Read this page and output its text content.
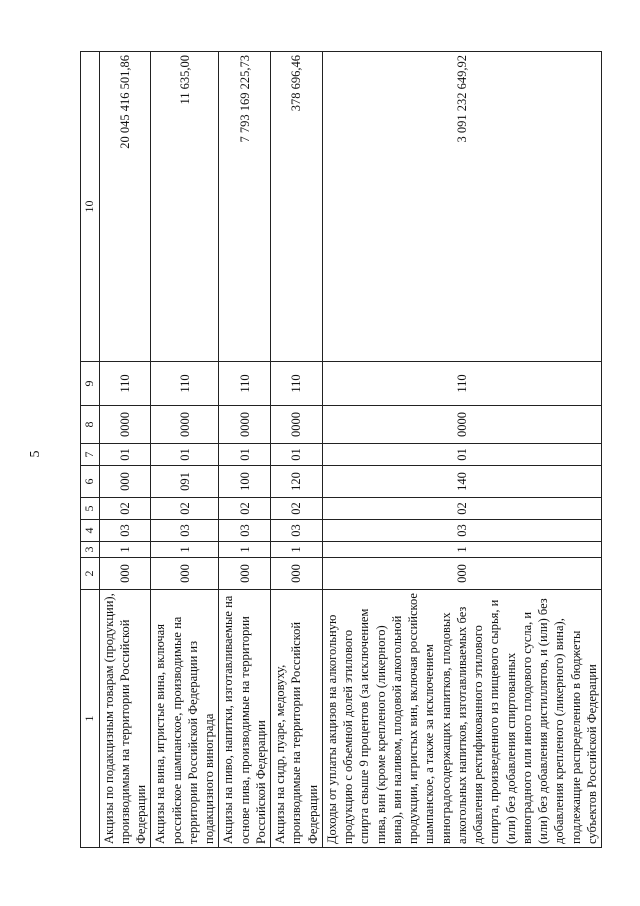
5
1	2	3	4	5	6	7	8	9	10
Акцизы по подакцизным товарам (продукции), производимым на территории Российской Федерации	000	1	03	02	000	01	0000	110	20 045 416 501,86
Акцизы на вина, игристые вина, включая российское шампанское, производимые на территории Российской Федерации из подакцизного винограда	000	1	03	02	091	01	0000	110	11 635,00
Акцизы на пиво, напитки, изготавливаемые на основе пива, производимые на территории Российской Федерации	000	1	03	02	100	01	0000	110	7 793 169 225,73
Акцизы на сидр, пуаре, медовуху, производимые на территории Российской Федерации	000	1	03	02	120	01	0000	110	378 696,46
Доходы от уплаты акцизов на алкогольную продукцию с объемной долей этилового спирта свыше 9 процентов (за исключением пива, вин (кроме крепленого (ликерного) вина), вин наливом, плодовой алкогольной продукции, игристых вин, включая российское шампанское, а также за исключением виноградосодержащих напитков, плодовых алкогольных напитков, изготавливаемых без добавления ректификованного этилового спирта, произведенного из пищевого сырья, и (или) без добавления спиртованных виноградного или иного плодового сусла, и (или) без добавления дистиллятов, и (или) без добавления крепленого (ликерного) вина), подлежащие распределению в бюджеты субъектов Российской Федерации	000	1	03	02	140	01	0000	110	3 091 232 649,92
